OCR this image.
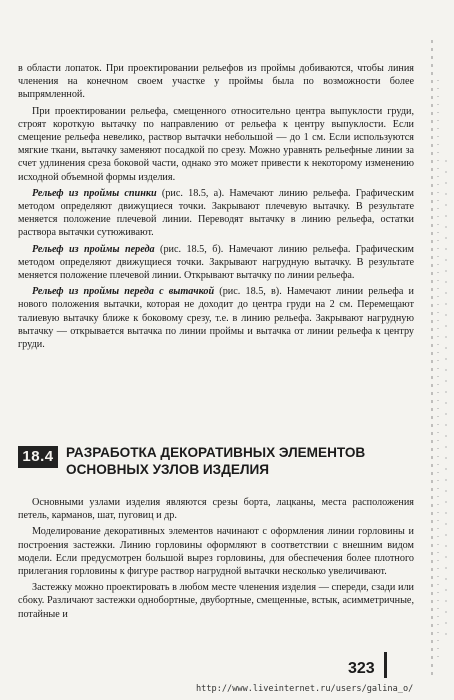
в области лопаток. При проектировании рельефов из проймы добиваются, чтобы линия членения на конечном своем участке у проймы была по возможности более выпрямленной.

При проектировании рельефа, смещенного относительно центра выпуклости груди, строят короткую вытачку по направлению от рельефа к центру выпуклости. Если смещение рельефа невелико, раствор вытачки небольшой — до 1 см. Если используются мягкие ткани, вытачку заменяют посадкой по срезу. Можно уравнять рельефные линии за счет удлинения среза боковой части, однако это может привести к некоторому изменению исходной объемной формы изделия.

Рельеф из проймы спинки (рис. 18.5, а). Намечают линию рельефа. Графическим методом определяют движущиеся точки. Закрывают плечевую вытачку. В результате меняется положение плечевой линии. Переводят вытачку в линию рельефа, остатки раствора вытачки сутюживают.

Рельеф из проймы переда (рис. 18.5, б). Намечают линию рельефа. Графическим методом определяют движущиеся точки. Закрывают нагрудную вытачку. В результате меняется положение плечевой линии. Открывают вытачку по линии рельефа.

Рельеф из проймы переда с вытачкой (рис. 18.5, в). Намечают линии рельефа и нового положения вытачки, которая не доходит до центра груди на 2 см. Перемещают талиевую вытачку ближе к боковому срезу, т.е. в линию рельефа. Закрывают нагрудную вытачку — открывается вытачка по линии проймы и вытачка от линии рельефа к центру груди.

18.4 РАЗРАБОТКА ДЕКОРАТИВНЫХ ЭЛЕМЕНТОВ ОСНОВНЫХ УЗЛОВ ИЗДЕЛИЯ

Основными узлами изделия являются срезы борта, лацканы, места расположения петель, карманов, шат, пуговиц и др.

Моделирование декоративных элементов начинают с оформления линии горловины и построения застежки. Линию горловины оформляют в соответствии с внешним видом модели. Если предусмотрен большой вырез горловины, для обеспечения более плотного прилегания горловины к фигуре раствор нагрудной вытачки несколько увеличивают.

Застежку можно проектировать в любом месте членения изделия — спереди, сзади или сбоку. Различают застежки однобортные, двубортные, смещенные, встык, асимметричные, потайные и

323
http://www.liveinternet.ru/users/galina_o/
